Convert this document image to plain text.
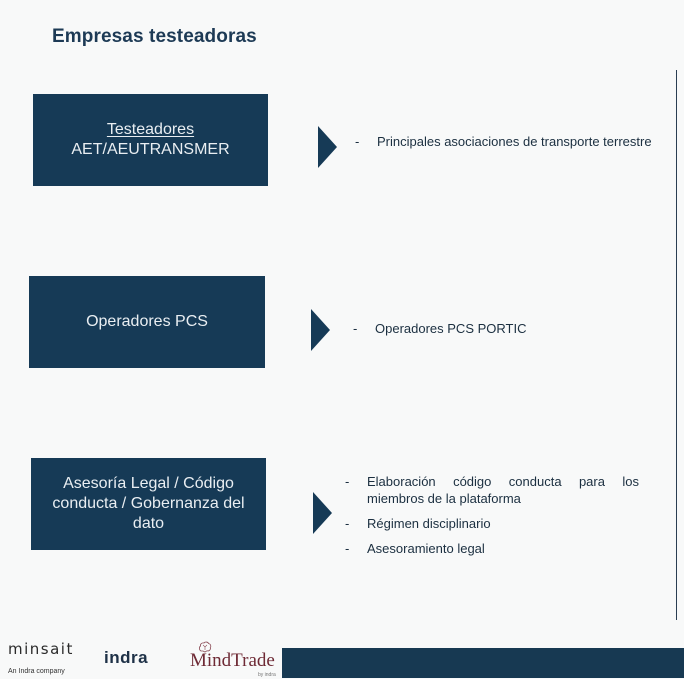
Empresas testeadoras
Testeadores
AET/AEUTRANSMER	- Principales asociaciones de transporte terrestre
Operadores PCS	- Operadores PCS PORTIC
Asesoría Legal / Código
conducta / Gobernanza del
dato
- Elaboración código conducta para los miembros de la plataforma
- Régimen disciplinario
- Asesoramiento legal
minsait
An Indra company
indra MindTrade
by indra
